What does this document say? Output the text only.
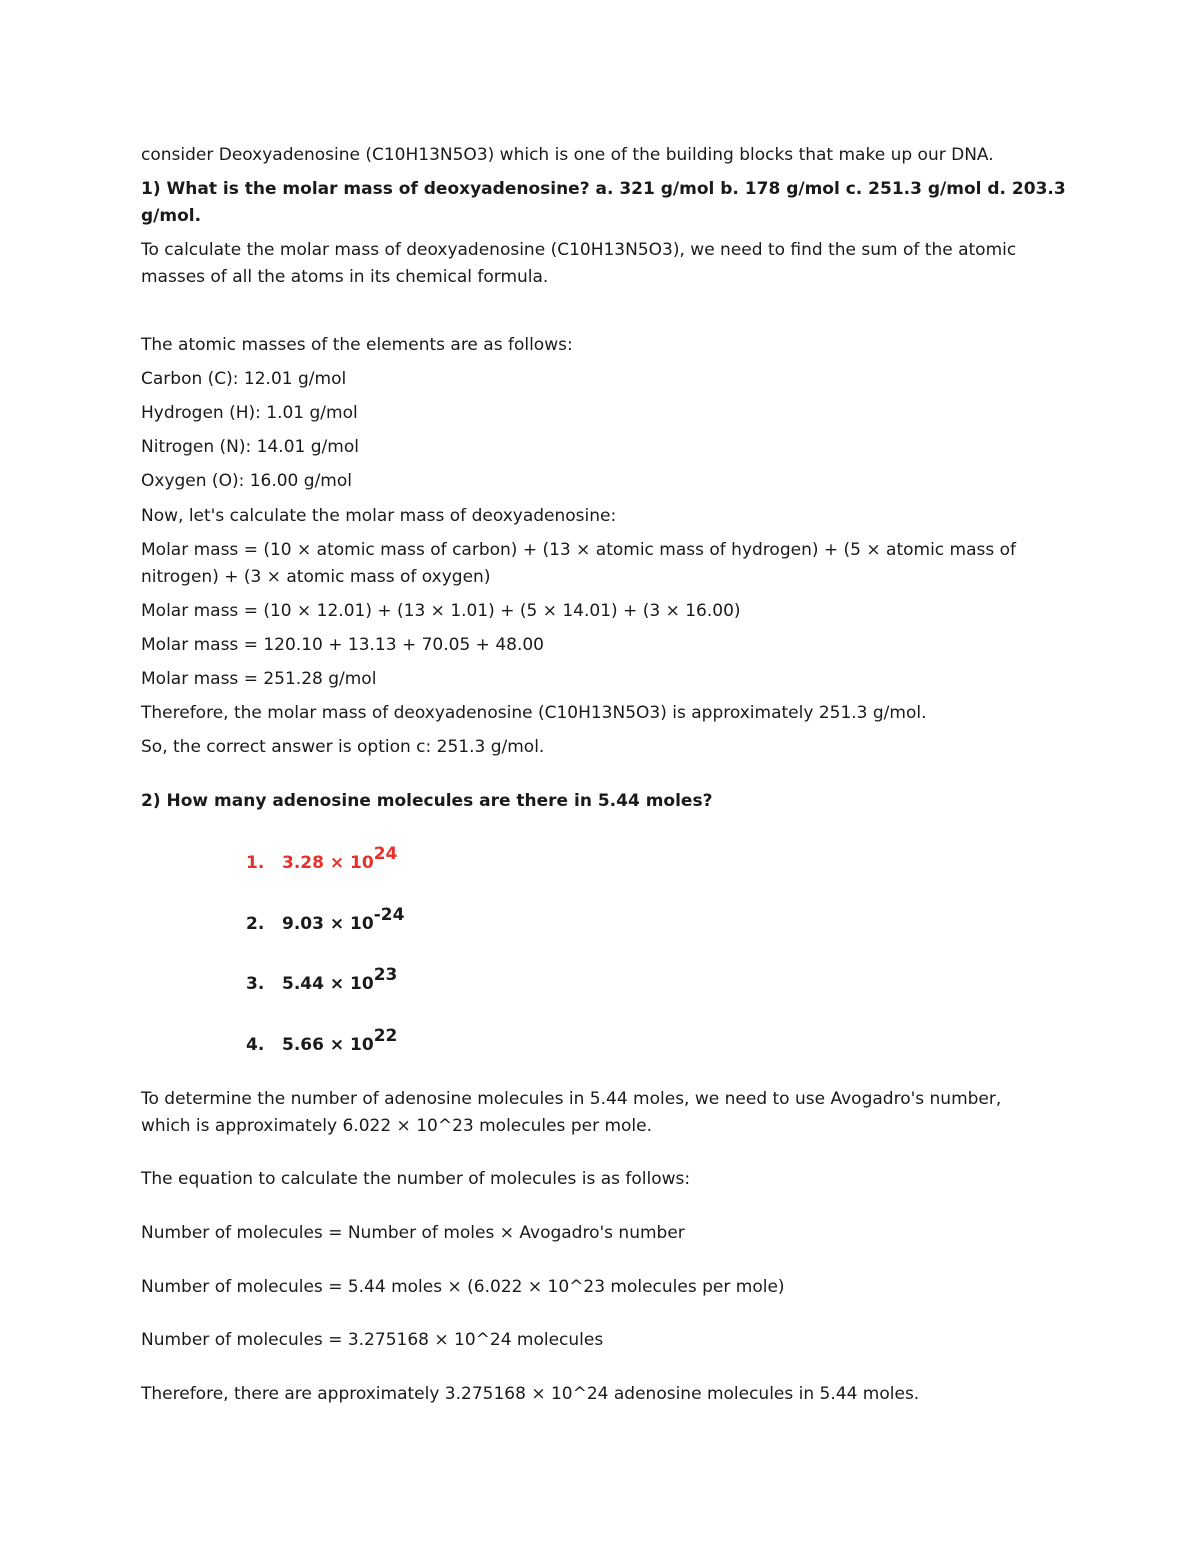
consider Deoxyadenosine (C10H13N5O3) which is one of the building blocks that make up our DNA.
1) What is the molar mass of deoxyadenosine? a. 321 g/mol b. 178 g/mol c. 251.3 g/mol d. 203.3
g/mol.
To calculate the molar mass of deoxyadenosine (C10H13N5O3), we need to find the sum of the atomic
masses of all the atoms in its chemical formula.
The atomic masses of the elements are as follows:
Carbon (C): 12.01 g/mol
Hydrogen (H): 1.01 g/mol
Nitrogen (N): 14.01 g/mol
Oxygen (O): 16.00 g/mol
Now, let's calculate the molar mass of deoxyadenosine:
Molar mass = (10 × atomic mass of carbon) + (13 × atomic mass of hydrogen) + (5 × atomic mass of
nitrogen) + (3 × atomic mass of oxygen)
Molar mass = (10 × 12.01) + (13 × 1.01) + (5 × 14.01) + (3 × 16.00)
Molar mass = 120.10 + 13.13 + 70.05 + 48.00
Molar mass = 251.28 g/mol
Therefore, the molar mass of deoxyadenosine (C10H13N5O3) is approximately 251.3 g/mol.
So, the correct answer is option c: 251.3 g/mol.
2) How many adenosine molecules are there in 5.44 moles?
1. $3.28 \times 10^{24}$
2. $9.03 \times 10^{-24}$
3. $5.44 \times 10^{23}$
4. $5.66 \times 10^{22}$
To determine the number of adenosine molecules in 5.44 moles, we need to use Avogadro's number,
which is approximately 6.022 × 10^23 molecules per mole.
The equation to calculate the number of molecules is as follows:
Number of molecules = Number of moles × Avogadro's number
Number of molecules = 5.44 moles × (6.022 × 10^23 molecules per mole)
Number of molecules = 3.275168 × 10^24 molecules
Therefore, there are approximately 3.275168 × 10^24 adenosine molecules in 5.44 moles.
